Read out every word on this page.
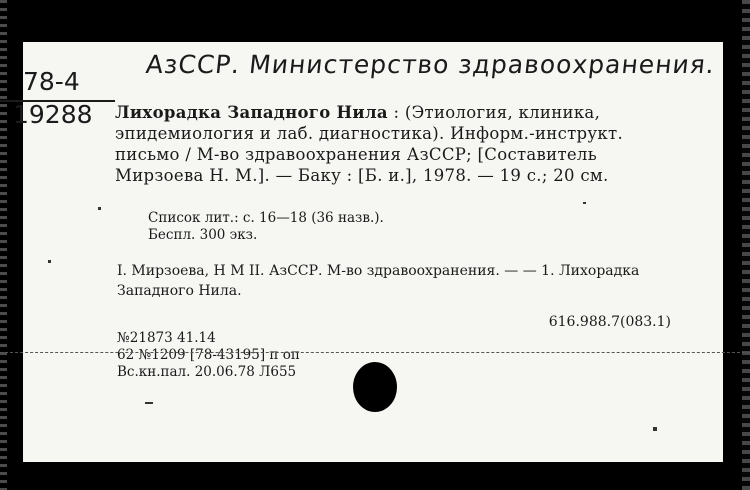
АзССР. Министерство здравоохранения.
78-4
19288 Лихорадка Западного Нила : (Этиология, клиника, эпидемиология и лаб. диагностика). Информ.-инструкт. письмо / М-во здравоохранения АзССР; [Составитель Мирзоева Н. М.]. — Баку : [Б. и.], 1978. — 19 с.; 20 см.
Список лит.: с. 16—18 (36 назв.).
Беспл. 300 экз.
I. Мирзоева, Н М II. АзССР. М-во здравоохранения. — — 1. Лихорадка Западного Нила.
616.988.7(083.1)
№21873 41.14
62 №1209 [78-43195] п оп
Вс.кн.пал. 20.06.78 Л655
